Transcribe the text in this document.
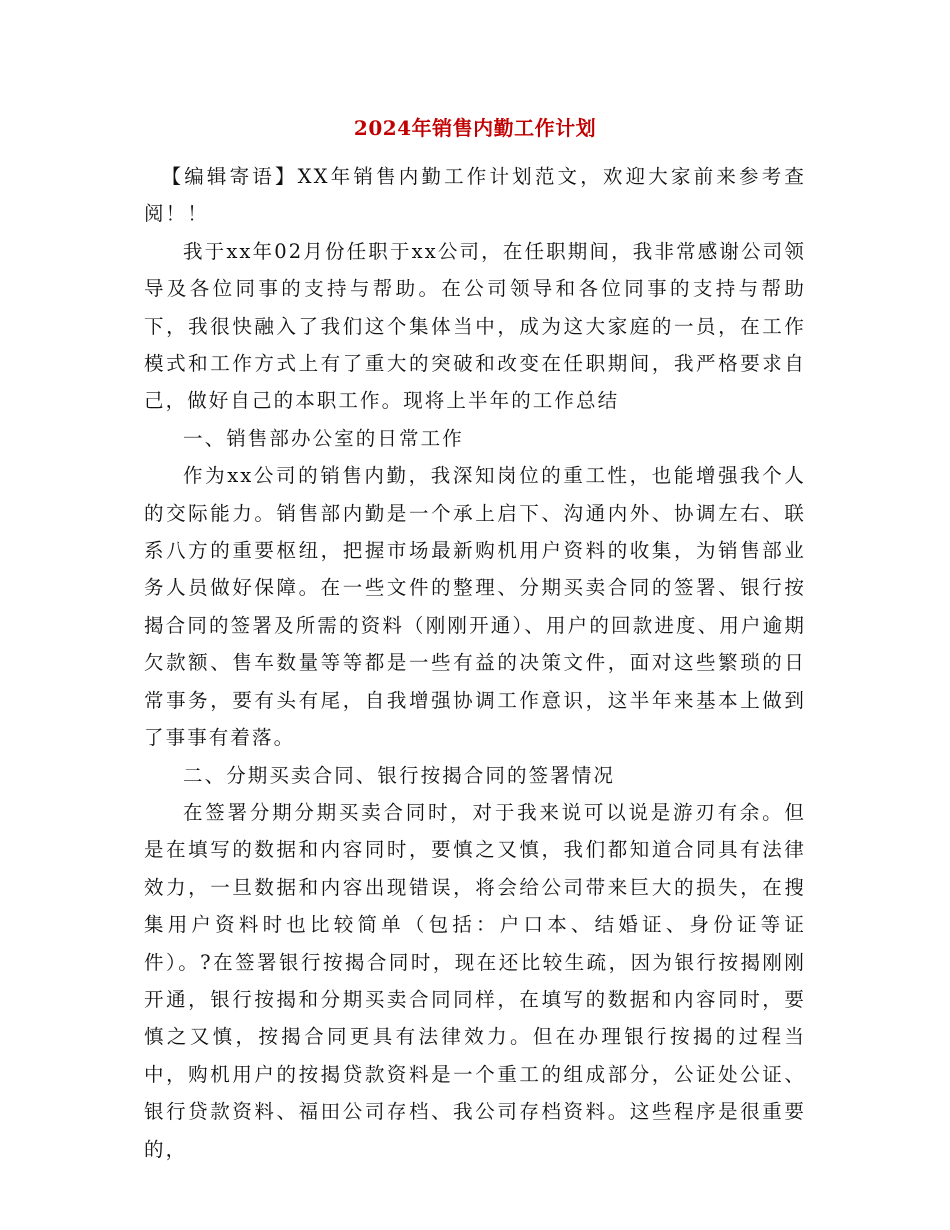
2024年销售内勤工作计划

【编辑寄语】XX年销售内勤工作计划范文，欢迎大家前来参考查阅！！

我于xx年02月份任职于xx公司，在任职期间，我非常感谢公司领导及各位同事的支持与帮助。在公司领导和各位同事的支持与帮助下，我很快融入了我们这个集体当中，成为这大家庭的一员，在工作模式和工作方式上有了重大的突破和改变在任职期间，我严格要求自己，做好自己的本职工作。现将上半年的工作总结

一、销售部办公室的日常工作

作为xx公司的销售内勤，我深知岗位的重工性，也能增强我个人的交际能力。销售部内勤是一个承上启下、沟通内外、协调左右、联系八方的重要枢纽，把握市场最新购机用户资料的收集，为销售部业务人员做好保障。在一些文件的整理、分期买卖合同的签署、银行按揭合同的签署及所需的资料（刚刚开通）、用户的回款进度、用户逾期欠款额、售车数量等等都是一些有益的决策文件，面对这些繁琐的日常事务，要有头有尾，自我增强协调工作意识，这半年来基本上做到了事事有着落。

二、分期买卖合同、银行按揭合同的签署情况

在签署分期分期买卖合同时，对于我来说可以说是游刃有余。但是在填写的数据和内容同时，要慎之又慎，我们都知道合同具有法律效力，一旦数据和内容出现错误，将会给公司带来巨大的损失，在搜集用户资料时也比较简单（包括：户口本、结婚证、身份证等证件）。?在签署银行按揭合同时，现在还比较生疏，因为银行按揭刚刚开通，银行按揭和分期买卖合同同样，在填写的数据和内容同时，要慎之又慎，按揭合同更具有法律效力。但在办理银行按揭的过程当中，购机用户的按揭贷款资料是一个重工的组成部分，公证处公证、银行贷款资料、福田公司存档、我公司存档资料。这些程序是很重要的，
